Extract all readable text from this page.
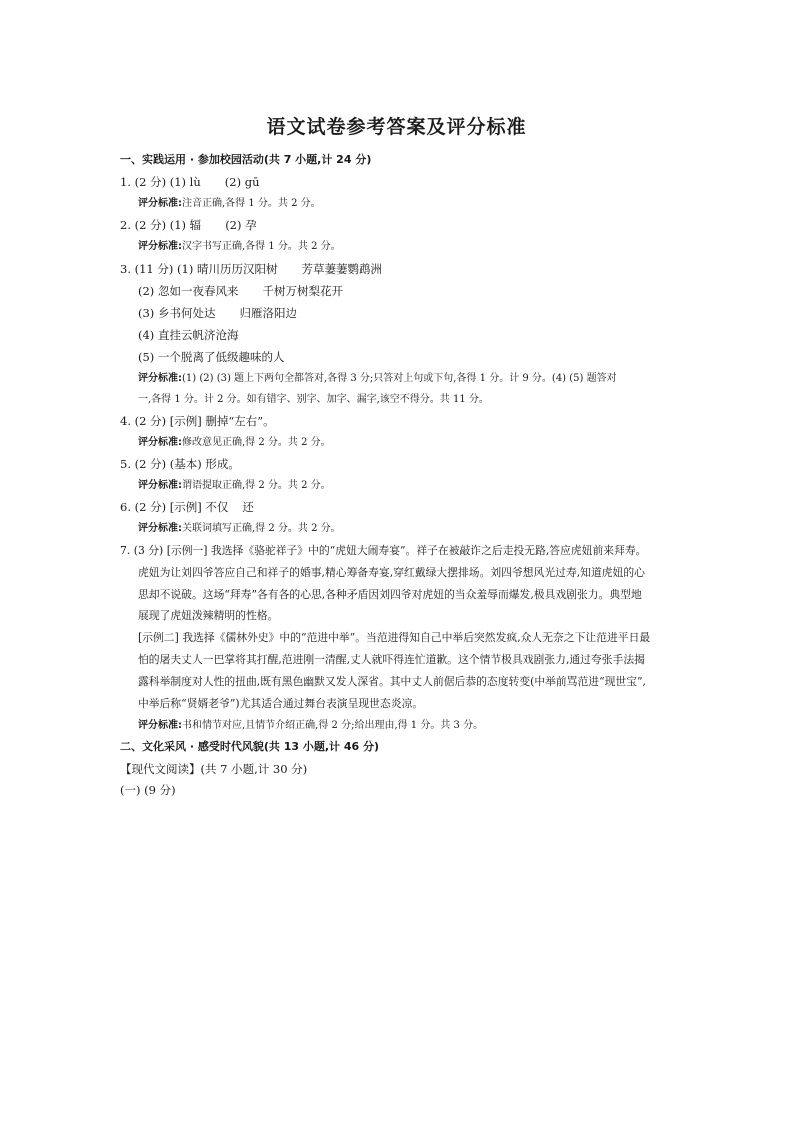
语文试卷参考答案及评分标准
一、实践运用 · 参加校园活动(共 7 小题,计 24 分)
1. (2 分) (1) lù (2) gū
评分标准:注音正确,各得 1 分。共 2 分。
2. (2 分) (1) 辐 (2) 孕
评分标准:汉字书写正确,各得 1 分。共 2 分。
3. (11 分) (1) 晴川历历汉阳树 芳草萋萋鹦鹉洲
(2) 忽如一夜春风来 千树万树梨花开
(3) 乡书何处达 归雁洛阳边
(4) 直挂云帆济沧海
(5) 一个脱离了低级趣味的人
评分标准:(1) (2) (3) 题上下两句全都答对,各得 3 分;只答对上句或下句,各得 1 分。计 9 分。(4) (5) 题答对
一,各得 1 分。计 2 分。如有错字、别字、加字、漏字,该空不得分。共 11 分。
4. (2 分) [示例] 删掉“左右”。
评分标准:修改意见正确,得 2 分。共 2 分。
5. (2 分) (基本) 形成。
评分标准:谓语提取正确,得 2 分。共 2 分。
6. (2 分) [示例] 不仅 还
评分标准:关联词填写正确,得 2 分。共 2 分。
7. (3 分) [示例一] 我选择《骆驼祥子》中的“虎妞大闹寿宴”。祥子在被敲诈之后走投无路,答应虎妞前来拜寿。
虎妞为让刘四爷答应自己和祥子的婚事,精心筹备寿宴,穿红戴绿大摆排场。刘四爷想风光过寿,知道虎妞的心
思却不说破。这场“拜寿”各有各的心思,各种矛盾因刘四爷对虎妞的当众羞辱而爆发,极具戏剧张力。典型地
展现了虎妞泼辣精明的性格。
[示例二] 我选择《儒林外史》中的“范进中举”。当范进得知自己中举后突然发疯,众人无奈之下让范进平日最
怕的屠夫丈人一巴掌将其打醒,范进刚一清醒,丈人就吓得连忙道歉。这个情节极具戏剧张力,通过夸张手法揭
露科举制度对人性的扭曲,既有黑色幽默又发人深省。其中丈人前倨后恭的态度转变(中举前骂范进“现世宝”,
中举后称“贤婿老爷”)尤其适合通过舞台表演呈现世态炎凉。
评分标准:书和情节对应,且情节介绍正确,得 2 分;给出理由,得 1 分。共 3 分。
二、文化采风 · 感受时代风貌(共 13 小题,计 46 分)
【现代文阅读】(共 7 小题,计 30 分)
(一) (9 分)
